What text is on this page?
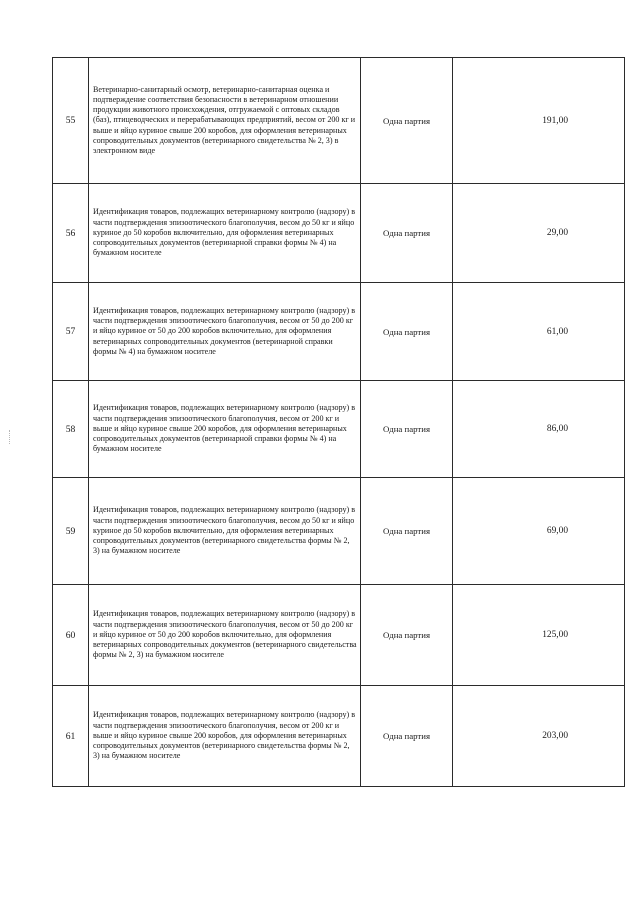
55	Ветеринарно-санитарный осмотр, ветеринарно-санитарная оценка и подтверждение соответствия безопасности в ветеринарном отношении продукции животного происхождения, отгружаемой с оптовых складов (баз), птицеводческих и перерабатывающих предприятий, весом от 200 кг и выше и яйцо куриное свыше 200 коробов, для оформления ветеринарных сопроводительных документов (ветеринарного свидетельства № 2, 3) в электронном виде	Одна партия	191,00
56	Идентификация товаров, подлежащих ветеринарному контролю (надзору) в части подтверждения эпизоотического благополучия, весом до 50 кг и яйцо куриное до 50 коробов включительно, для оформления ветеринарных сопроводительных документов (ветеринарной справки формы № 4) на бумажном носителе	Одна партия	29,00
57	Идентификация товаров, подлежащих ветеринарному контролю (надзору) в части подтверждения эпизоотического благополучия, весом от 50 до 200 кг и яйцо куриное от 50 до 200 коробов включительно, для оформления ветеринарных сопроводительных документов (ветеринарной справки формы № 4) на бумажном носителе	Одна партия	61,00
58	Идентификация товаров, подлежащих ветеринарному контролю (надзору) в части подтверждения эпизоотического благополучия, весом от 200 кг и выше и яйцо куриное свыше 200 коробов, для оформления ветеринарных сопроводительных документов (ветеринарной справки формы № 4) на бумажном носителе	Одна партия	86,00
59	Идентификация товаров, подлежащих ветеринарному контролю (надзору) в части подтверждения эпизоотического благополучия, весом до 50 кг и яйцо куриное до 50 коробов включительно, для оформления ветеринарных сопроводительных документов (ветеринарного свидетельства формы № 2, 3) на бумажном носителе	Одна партия	69,00
60	Идентификация товаров, подлежащих ветеринарному контролю (надзору) в части подтверждения эпизоотического благополучия, весом от 50 до 200 кг и яйцо куриное от 50 до 200 коробов включительно, для оформления ветеринарных сопроводительных документов (ветеринарного свидетельства формы № 2, 3) на бумажном носителе	Одна партия	125,00
61	Идентификация товаров, подлежащих ветеринарному контролю (надзору) в части подтверждения эпизоотического благополучия, весом от 200 кг и выше и яйцо куриное свыше 200 коробов, для оформления ветеринарных сопроводительных документов (ветеринарного свидетельства формы № 2, 3) на бумажном носителе	Одна партия	203,00
